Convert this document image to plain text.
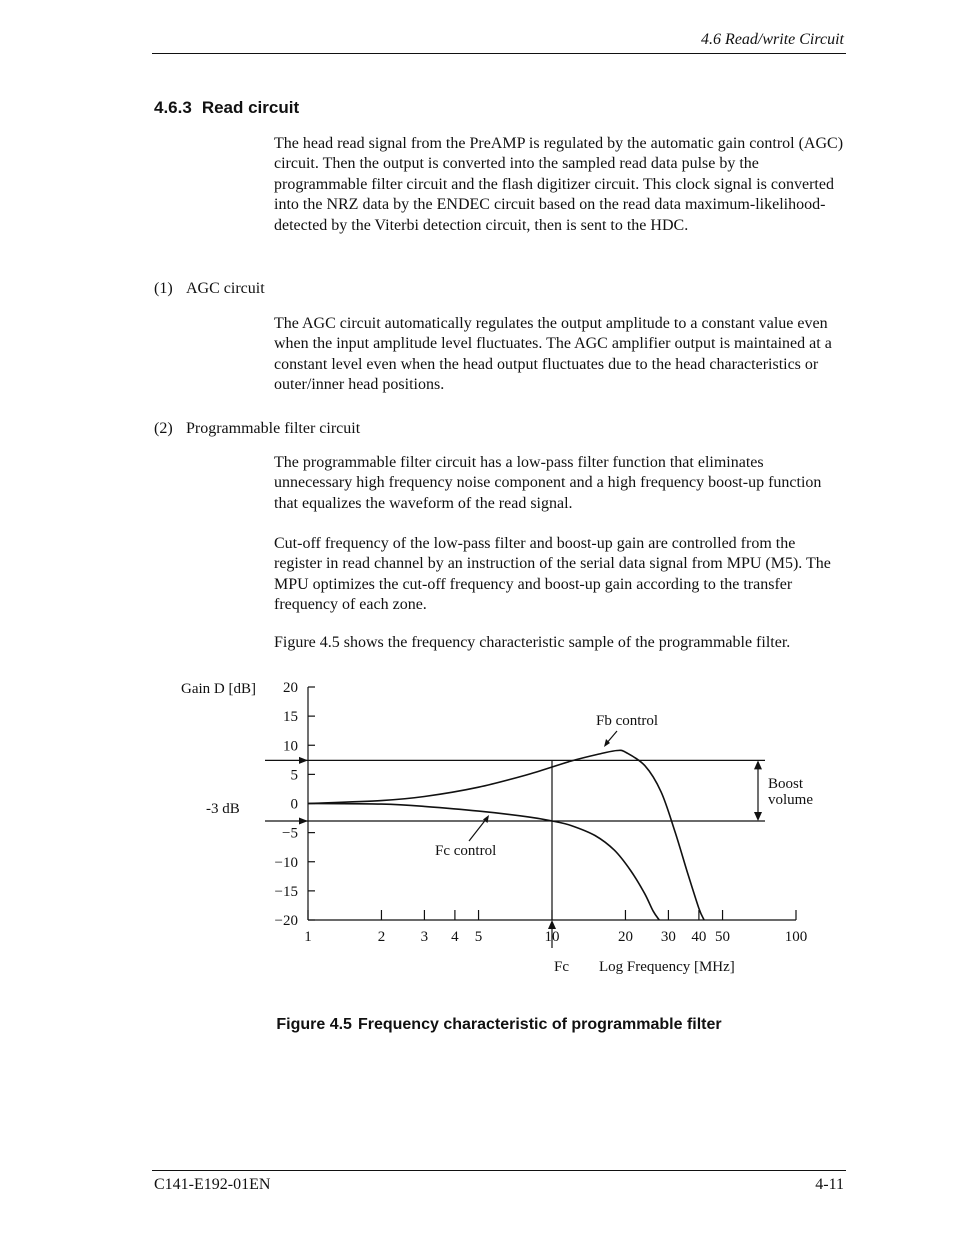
4.6 Read/write Circuit
4.6.3 Read circuit
The head read signal from the PreAMP is regulated by the automatic gain control (AGC) circuit. Then the output is converted into the sampled read data pulse by the programmable filter circuit and the flash digitizer circuit. This clock signal is converted into the NRZ data by the ENDEC circuit based on the read data maximum-likelihood-detected by the Viterbi detection circuit, then is sent to the HDC.
(1) AGC circuit
The AGC circuit automatically regulates the output amplitude to a constant value even when the input amplitude level fluctuates. The AGC amplifier output is maintained at a constant level even when the head output fluctuates due to the head characteristics or outer/inner head positions.
(2) Programmable filter circuit
The programmable filter circuit has a low-pass filter function that eliminates unnecessary high frequency noise component and a high frequency boost-up function that equalizes the waveform of the read signal.
Cut-off frequency of the low-pass filter and boost-up gain are controlled from the register in read channel by an instruction of the serial data signal from MPU (M5). The MPU optimizes the cut-off frequency and boost-up gain according to the transfer frequency of each zone.
Figure 4.5 shows the frequency characteristic sample of the programmable filter.
20
15
10
5
0
−5
−10
−15
−20
1	2 3 4 5	10	20 30 40 50	100
Gain D [dB]
Log Frequency [MHz]
Fb control
Fc control
Boost
volume
-3 dB
Fc
Figure 4.5 Frequency characteristic of programmable filter
C141-E192-01EN	4-11
